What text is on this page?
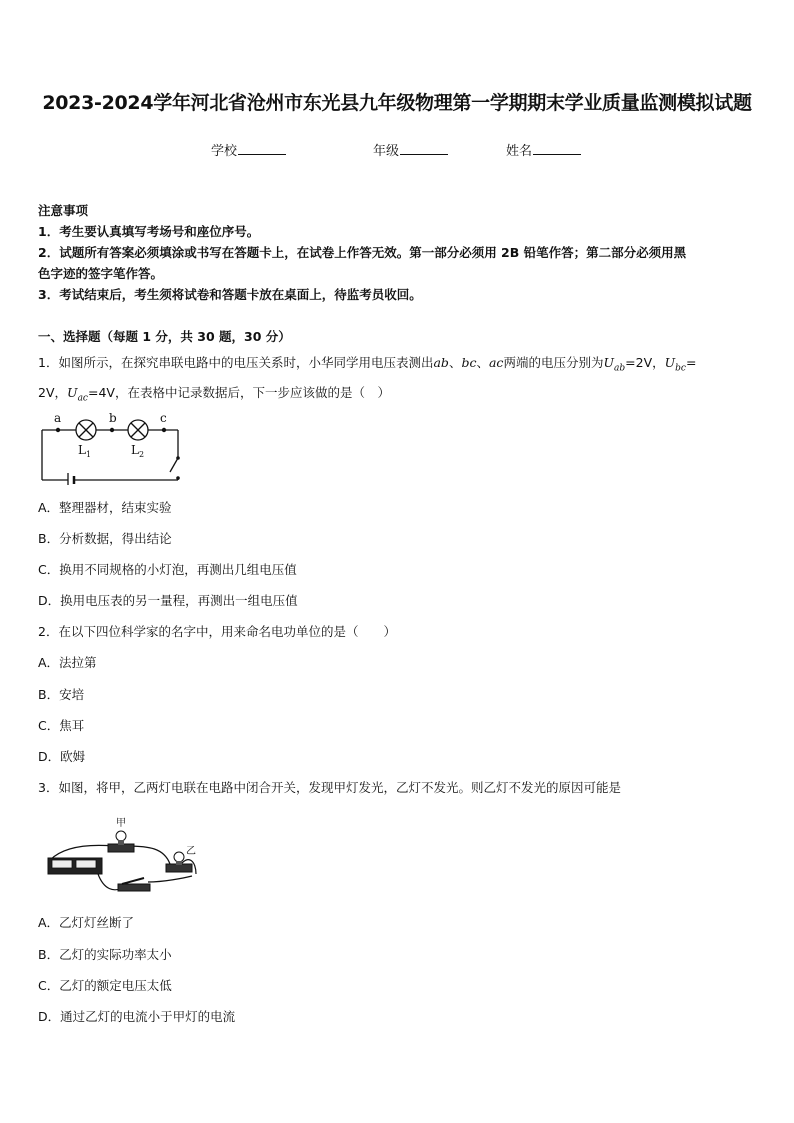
2023-2024学年河北省沧州市东光县九年级物理第一学期期末学业质量监测模拟试题
学校	年级	姓名
注意事项
1．考生要认真填写考场号和座位序号。
2．试题所有答案必须填涂或书写在答题卡上，在试卷上作答无效。第一部分必须用 2B 铅笔作答；第二部分必须用黑
色字迹的签字笔作答。
3．考试结束后，考生须将试卷和答题卡放在桌面上，待监考员收回。
一、选择题（每题 1 分，共 30 题，30 分）
1．如图所示，在探究串联电路中的电压关系时，小华同学用电压表测出ab、bc、ac两端的电压分别为$U_{ab}=2V$，$U_{bc}=$
2V，$U_{ac}=4V$，在表格中记录数据后，下一步应该做的是（　）
a	b	c
$L_1$	$L_2$
A．整理器材，结束实验
B．分析数据，得出结论
C．换用不同规格的小灯泡，再测出几组电压值
D．换用电压表的另一量程，再测出一组电压值
2．在以下四位科学家的名字中，用来命名电功单位的是（　　）
A．法拉第
B．安培
C．焦耳
D．欧姆
3．如图，将甲，乙两灯电联在电路中闭合开关，发现甲灯发光，乙灯不发光。则乙灯不发光的原因可能是
甲
乙
A．乙灯灯丝断了
B．乙灯的实际功率太小
C．乙灯的额定电压太低
D．通过乙灯的电流小于甲灯的电流
